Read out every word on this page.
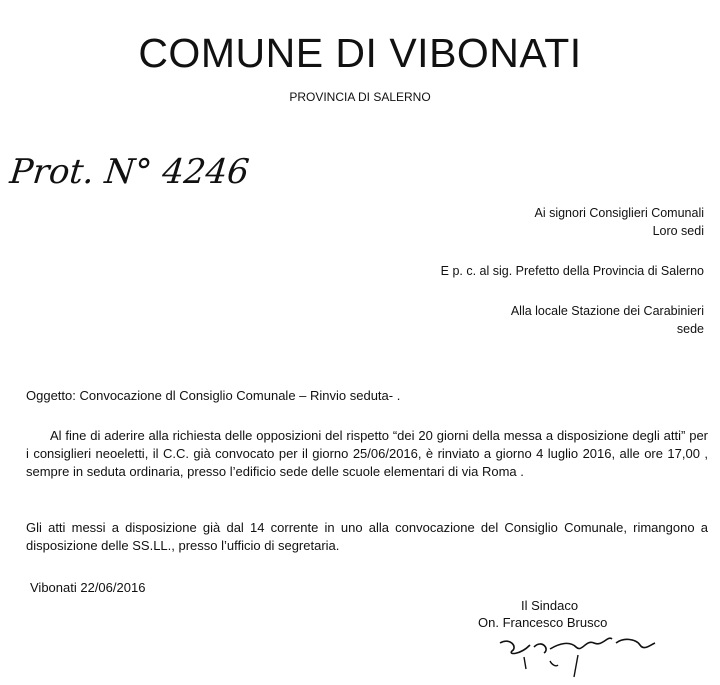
COMUNE DI VIBONATI
PROVINCIA DI SALERNO
Prot. N° 4246
Ai signori Consiglieri Comunali
Loro sedi
E p. c. al sig. Prefetto della Provincia di Salerno
Alla locale Stazione dei Carabinieri
sede
Oggetto: Convocazione dl Consiglio Comunale – Rinvio seduta- .
Al fine di aderire alla richiesta delle opposizioni del rispetto “dei 20 giorni della messa a disposizione degli atti” per i consiglieri neoeletti, il C.C. già convocato per il giorno 25/06/2016, è rinviato a giorno 4 luglio 2016, alle ore 17,00 , sempre in seduta ordinaria, presso l’edificio sede delle scuole elementari di via Roma .
Gli atti messi a disposizione già dal 14 corrente in uno alla convocazione del Consiglio Comunale, rimangono a disposizione delle SS.LL., presso l’ufficio di segretaria.
Vibonati 22/06/2016
Il Sindaco
On. Francesco Brusco
